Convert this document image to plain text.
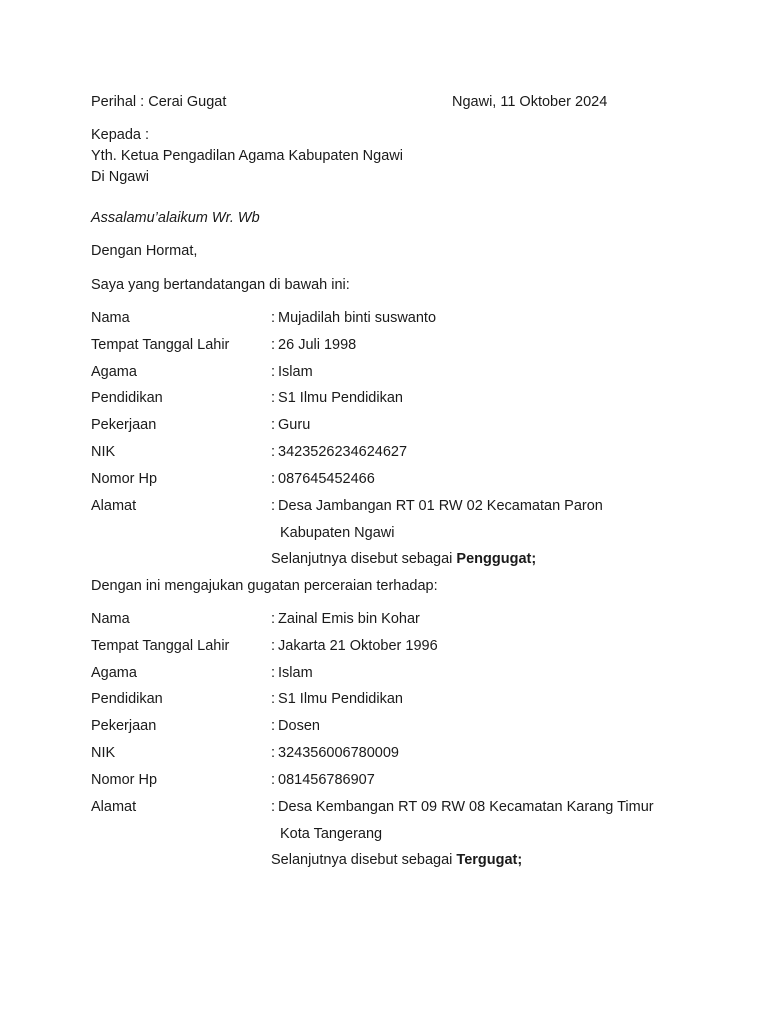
Perihal : Cerai Gugat	Ngawi, 11 Oktober 2024
Kepada :
Yth. Ketua Pengadilan Agama Kabupaten Ngawi
Di Ngawi
Assalamu’alaikum Wr. Wb
Dengan Hormat,
Saya yang bertandatangan di bawah ini:
Nama	: Mujadilah binti suswanto
Tempat Tanggal Lahir	: 26 Juli 1998
Agama	: Islam
Pendidikan	: S1 Ilmu Pendidikan
Pekerjaan	: Guru
NIK	: 3423526234624627
Nomor Hp	: 087645452466
Alamat	: Desa Jambangan RT 01 RW 02 Kecamatan Paron
Kabupaten Ngawi
Selanjutnya disebut sebagai Penggugat;
Dengan ini mengajukan gugatan perceraian terhadap:
Nama	: Zainal Emis bin Kohar
Tempat Tanggal Lahir	: Jakarta 21 Oktober 1996
Agama	: Islam
Pendidikan	: S1 Ilmu Pendidikan
Pekerjaan	: Dosen
NIK	: 324356006780009
Nomor Hp	: 081456786907
Alamat	: Desa Kembangan RT 09 RW 08 Kecamatan Karang Timur
Kota Tangerang
Selanjutnya disebut sebagai Tergugat;
